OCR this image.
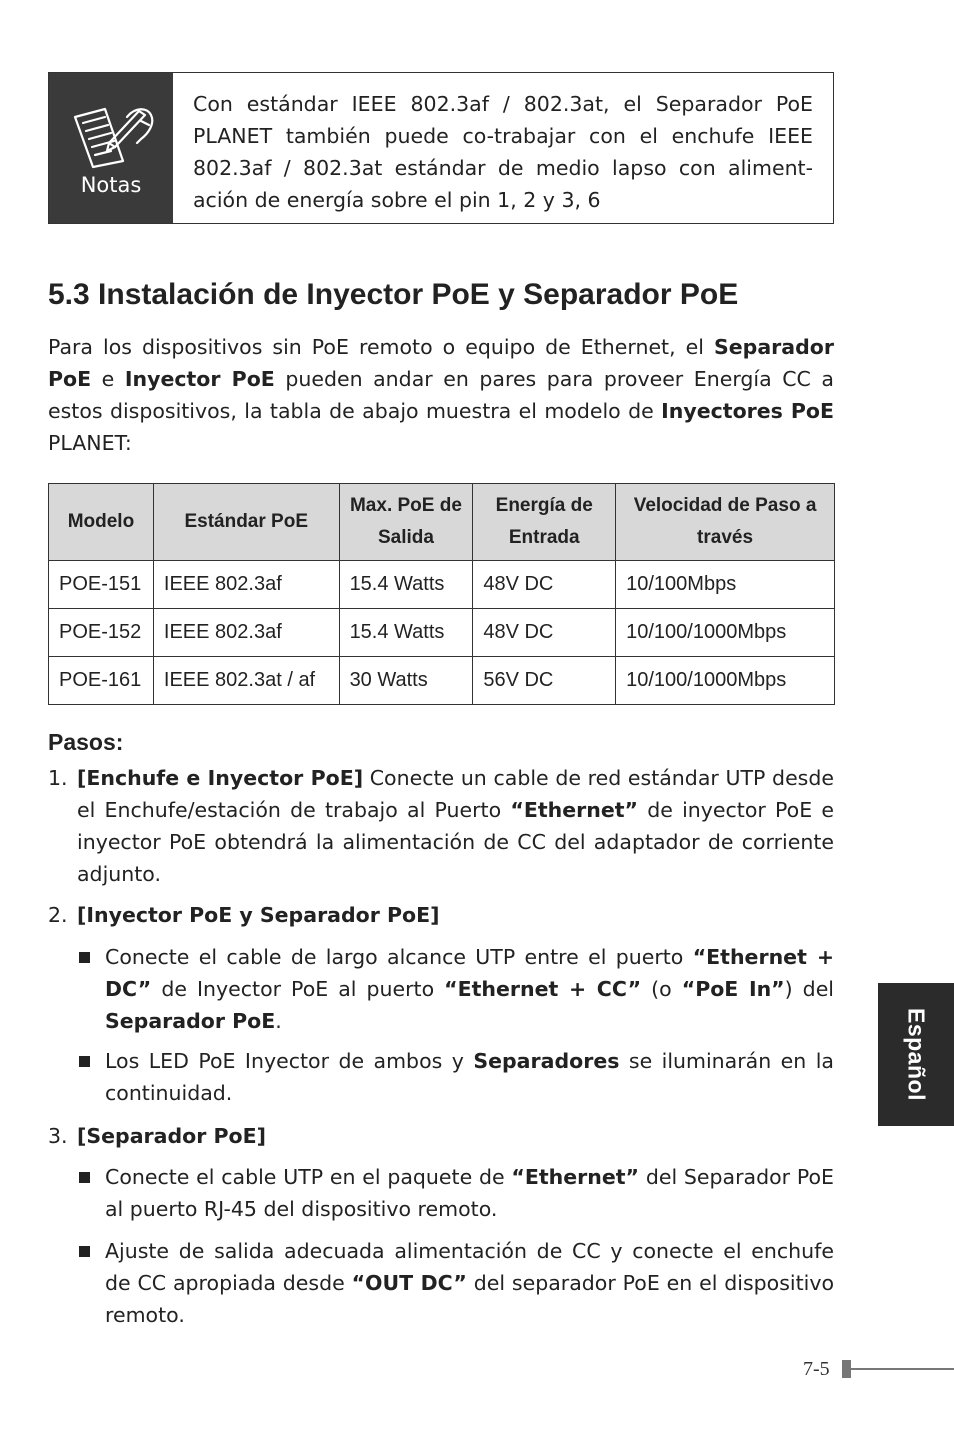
Notas
Con estándar IEEE 802.3af / 802.3at, el Separador PoE PLANET también puede co-trabajar con el enchufe IEEE 802.3af / 802.3at estándar de medio lapso con aliment-ación de energía sobre el pin 1, 2 y 3, 6
5.3 Instalación de Inyector PoE y Separador PoE
Para los dispositivos sin PoE remoto o equipo de Ethernet, el Separador PoE e Inyector PoE pueden andar en pares para proveer Energía CC a estos dispositivos, la tabla de abajo muestra el modelo de Inyectores PoE PLANET:
Modelo	Estándar PoE	Max. PoE de Salida	Energía de Entrada	Velocidad de Paso a través
POE-151	IEEE 802.3af	15.4 Watts	48V DC	10/100Mbps
POE-152	IEEE 802.3af	15.4 Watts	48V DC	10/100/1000Mbps
POE-161	IEEE 802.3at / af	30 Watts	56V DC	10/100/1000Mbps
Pasos:
1. [Enchufe e Inyector PoE] Conecte un cable de red estándar UTP desde el Enchufe/estación de trabajo al Puerto “Ethernet” de inyector PoE e inyector PoE obtendrá la alimentación de CC del adaptador de corriente adjunto.
2. [Inyector PoE y Separador PoE]
Conecte el cable de largo alcance UTP entre el puerto “Ethernet + DC” de Inyector PoE al puerto “Ethernet + CC” (o “PoE In”) del Separador PoE.
Los LED PoE Inyector de ambos y Separadores se iluminarán en la continuidad.
3. [Separador PoE]
Conecte el cable UTP en el paquete de “Ethernet” del Separador PoE al puerto RJ-45 del dispositivo remoto.
Ajuste de salida adecuada alimentación de CC y conecte el enchufe de CC apropiada desde “OUT DC” del separador PoE en el dispositivo remoto.
Español
7-5
